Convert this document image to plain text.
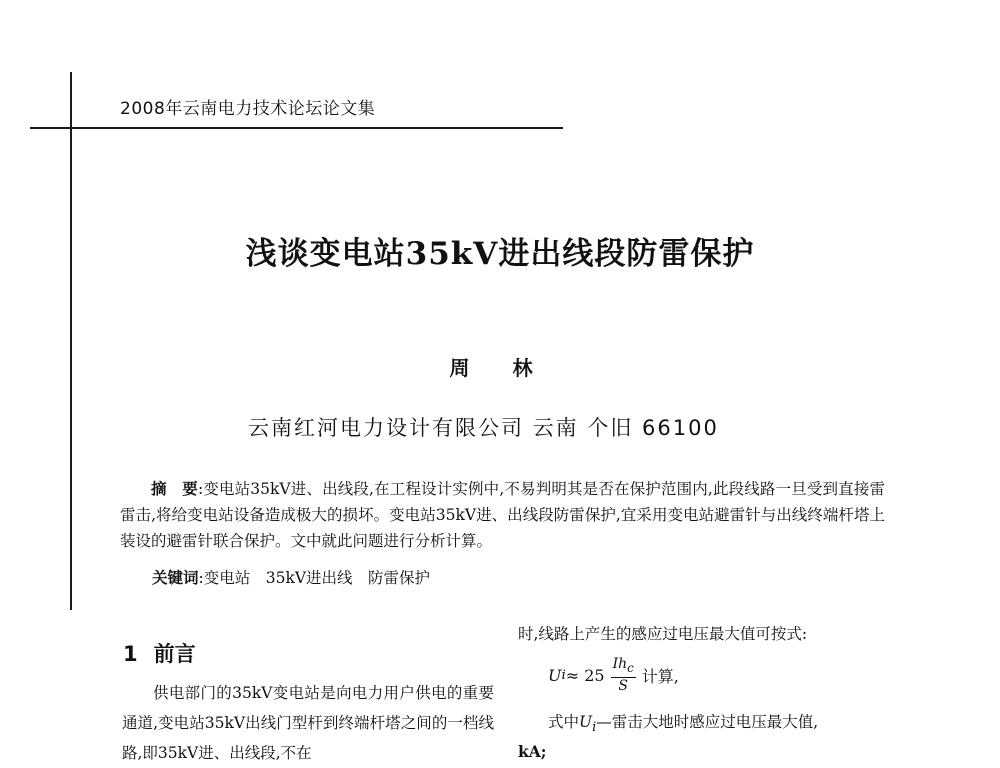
2008年云南电力技术论坛论文集
浅谈变电站35kV进出线段防雷保护
周 林
云南红河电力设计有限公司 云南 个旧 66100

摘　要:变电站35kV进、出线段,在工程设计实例中,不易判明其是否在保护范围内,此段线路一旦受到直接雷雷击,将给变电站设备造成极大的损坏。变电站35kV进、出线段防雷保护,宜采用变电站避雷针与出线终端杆塔上装设的避雷针联合保护。文中就此问题进行分析计算。

关键词:变电站　35kV进出线　防雷保护
1 前言

供电部门的35kV变电站是向电力用户供电的重要通道,变电站35kV出线门型杆到终端杆塔之间的一档线路,即35kV进、出线段,不在

时,线路上产生的感应过电压最大值可按式:
U $i \approx 25 \frac{Ih_c}{S}$ 计算,
式中$U_i—$雷击大地时感应过电压最大值,
kA;
